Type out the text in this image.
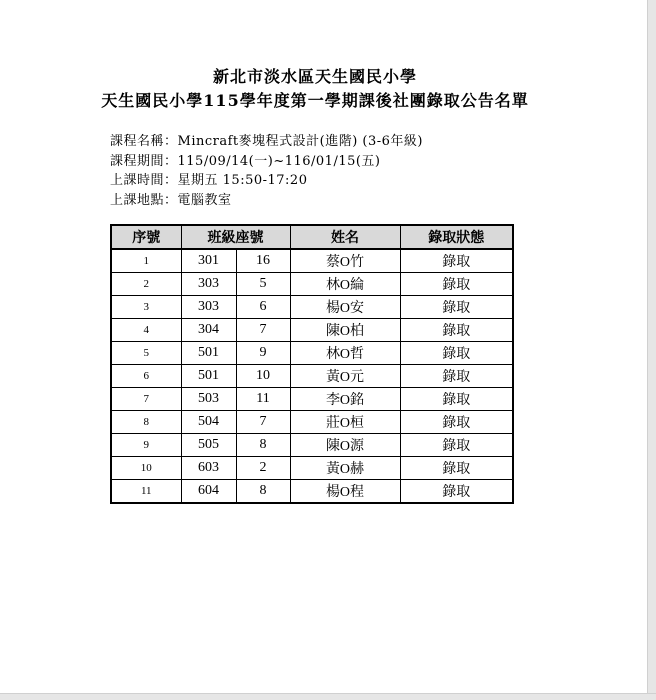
新北市淡水區天生國民小學
天生國民小學115學年度第一學期課後社團錄取公告名單
課程名稱：Mincraft麥塊程式設計(進階) (3-6年級)
課程期間：115/09/14(一)~116/01/15(五)
上課時間：星期五 15:50-17:20
上課地點：電腦教室
序號	班級座號		姓名	錄取狀態
1	301	16	蔡O竹	錄取
2	303	5	林O綸	錄取
3	303	6	楊O安	錄取
4	304	7	陳O柏	錄取
5	501	9	林O哲	錄取
6	501	10	黃O元	錄取
7	503	11	李O銘	錄取
8	504	7	莊O桓	錄取
9	505	8	陳O源	錄取
10	603	2	黃O赫	錄取
11	604	8	楊O程	錄取
